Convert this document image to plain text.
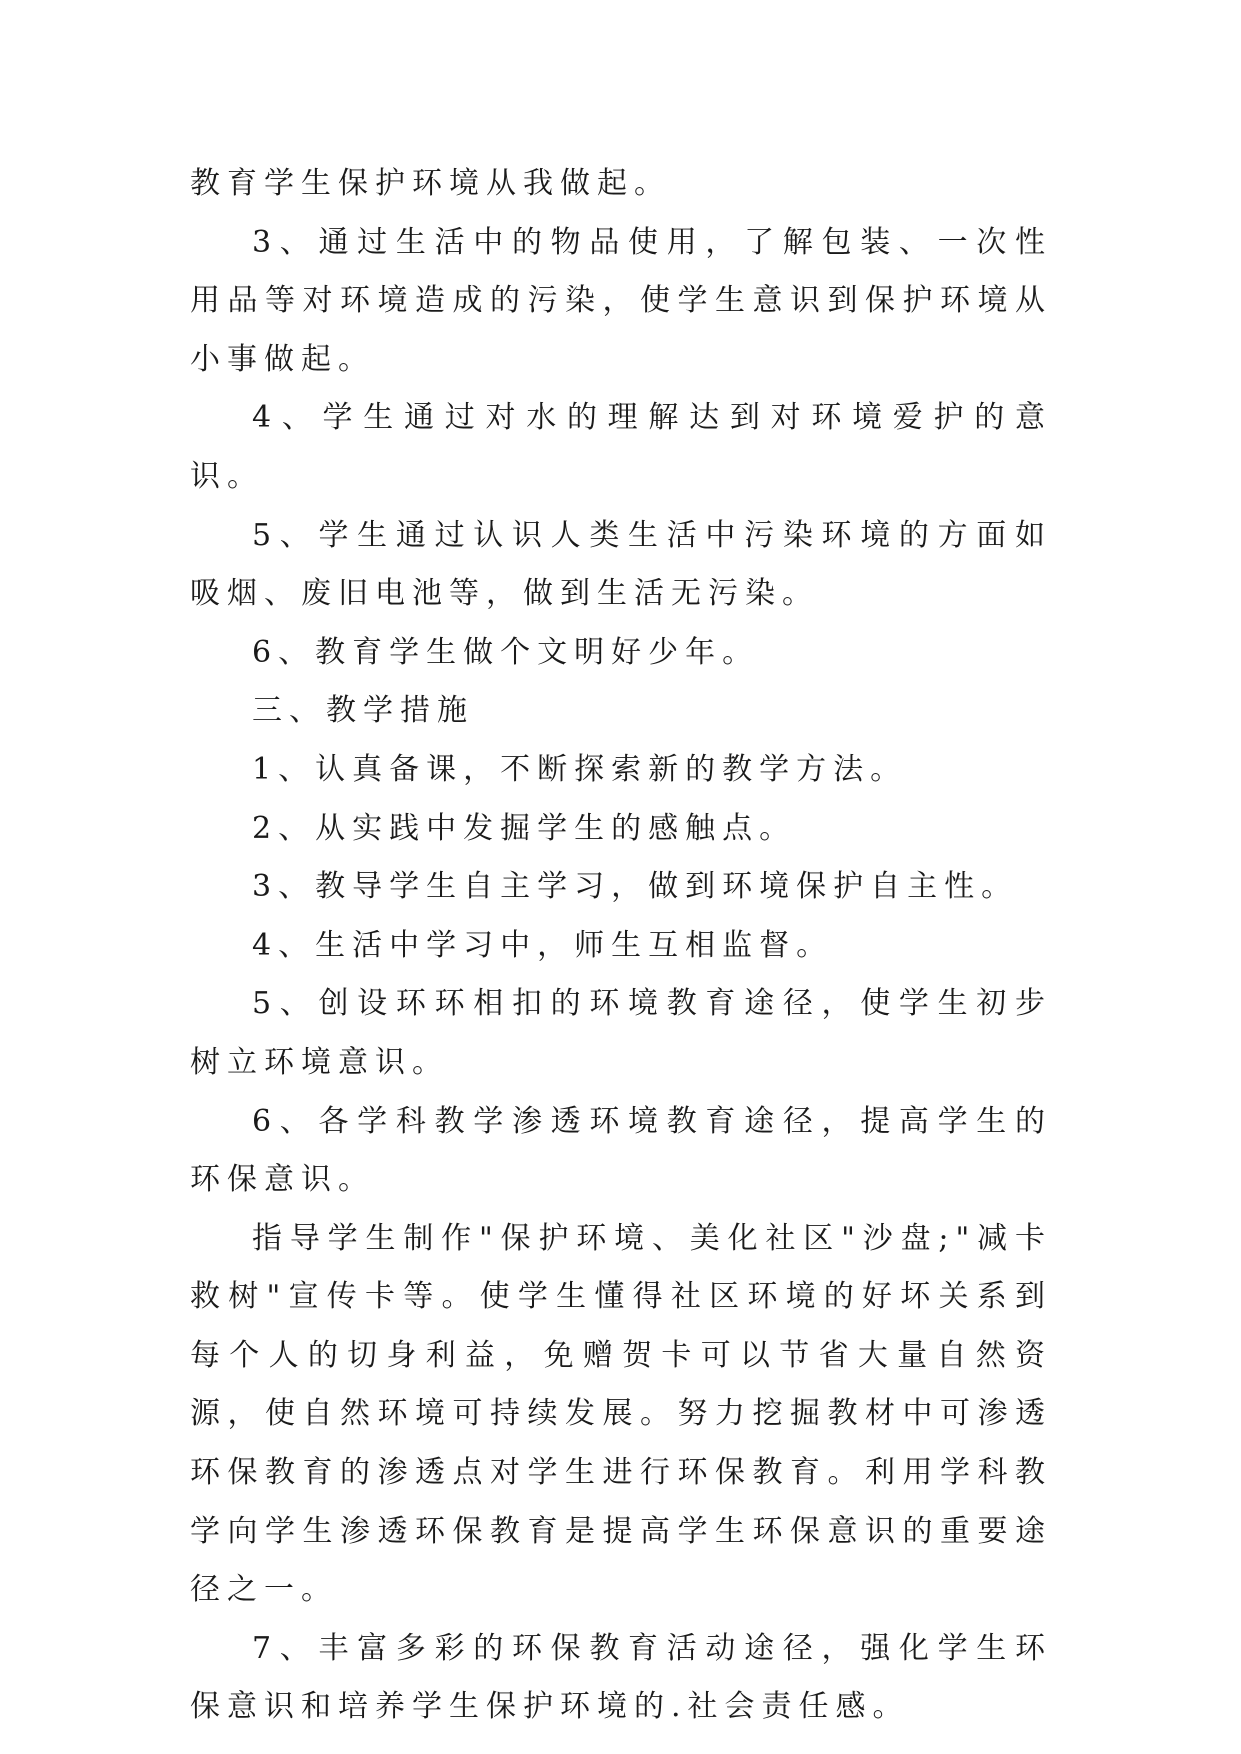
教育学生保护环境从我做起。

3、通过生活中的物品使用，了解包装、一次性用品等对环境造成的污染，使学生意识到保护环境从小事做起。

4、学生通过对水的理解达到对环境爱护的意识。

5、学生通过认识人类生活中污染环境的方面如吸烟、废旧电池等，做到生活无污染。

6、教育学生做个文明好少年。

三、教学措施

1、认真备课，不断探索新的教学方法。

2、从实践中发掘学生的感触点。

3、教导学生自主学习，做到环境保护自主性。

4、生活中学习中，师生互相监督。

5、创设环环相扣的环境教育途径，使学生初步树立环境意识。

6、各学科教学渗透环境教育途径，提高学生的环保意识。

指导学生制作"保护环境、美化社区"沙盘;"减卡救树"宣传卡等。使学生懂得社区环境的好坏关系到每个人的切身利益，免赠贺卡可以节省大量自然资源，使自然环境可持续发展。努力挖掘教材中可渗透环保教育的渗透点对学生进行环保教育。利用学科教学向学生渗透环保教育是提高学生环保意识的重要途径之一。

7、丰富多彩的环保教育活动途径，强化学生环保意识和培养学生保护环境的.社会责任感。
